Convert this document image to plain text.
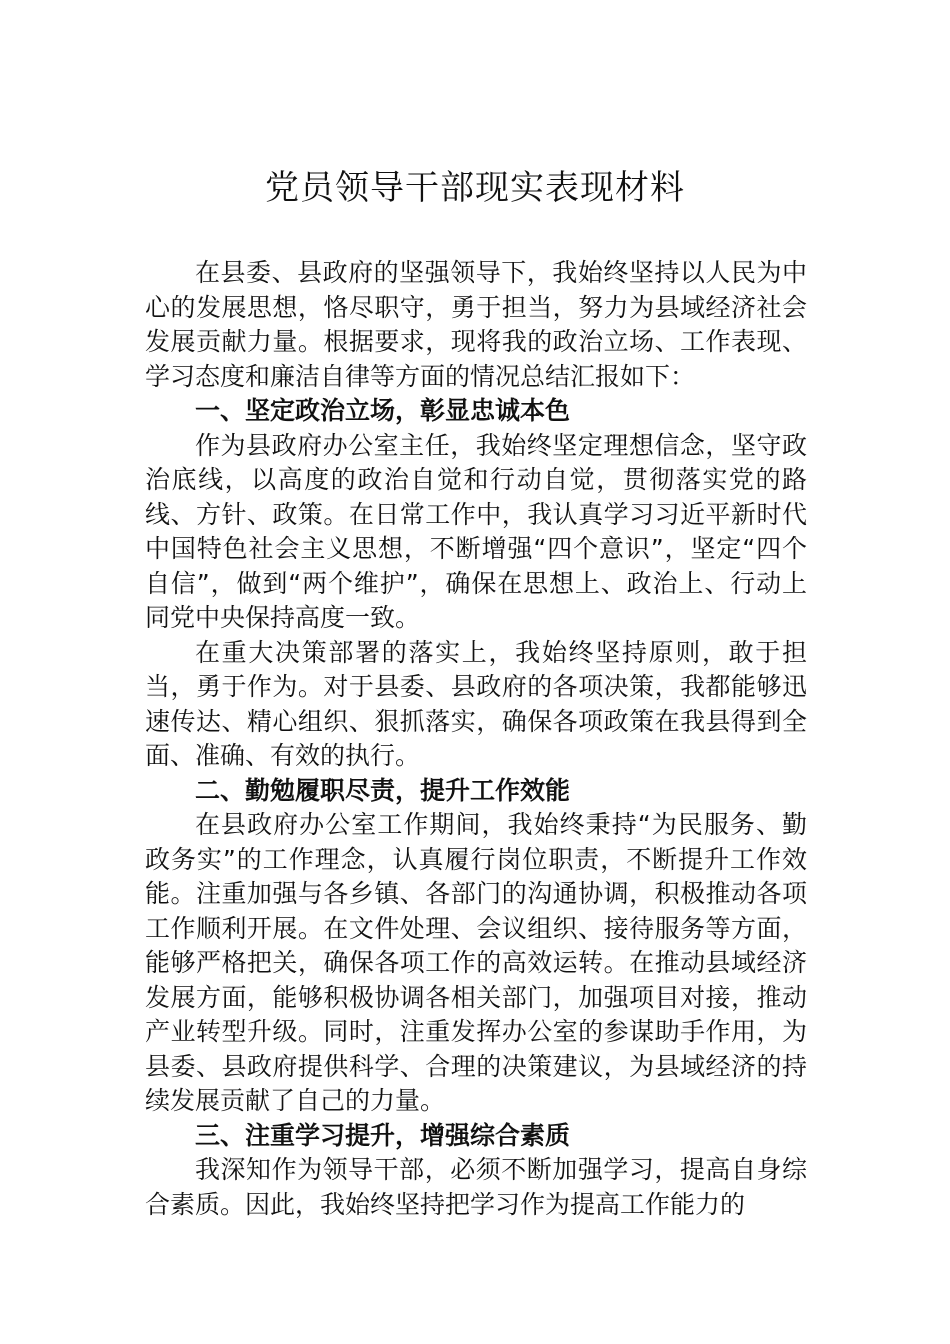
党员领导干部现实表现材料

在县委、县政府的坚强领导下，我始终坚持以人民为中心的发展思想，恪尽职守，勇于担当，努力为县域经济社会发展贡献力量。根据要求，现将我的政治立场、工作表现、学习态度和廉洁自律等方面的情况总结汇报如下：

一、坚定政治立场，彰显忠诚本色

作为县政府办公室主任，我始终坚定理想信念，坚守政治底线，以高度的政治自觉和行动自觉，贯彻落实党的路线、方针、政策。在日常工作中，我认真学习习近平新时代中国特色社会主义思想，不断增强“四个意识”，坚定“四个自信”，做到“两个维护”，确保在思想上、政治上、行动上同党中央保持高度一致。

在重大决策部署的落实上，我始终坚持原则，敢于担当，勇于作为。对于县委、县政府的各项决策，我都能够迅速传达、精心组织、狠抓落实，确保各项政策在我县得到全面、准确、有效的执行。

二、勤勉履职尽责，提升工作效能

在县政府办公室工作期间，我始终秉持“为民服务、勤政务实”的工作理念，认真履行岗位职责，不断提升工作效能。注重加强与各乡镇、各部门的沟通协调，积极推动各项工作顺利开展。在文件处理、会议组织、接待服务等方面，能够严格把关，确保各项工作的高效运转。在推动县域经济发展方面，能够积极协调各相关部门，加强项目对接，推动产业转型升级。同时，注重发挥办公室的参谋助手作用，为县委、县政府提供科学、合理的决策建议，为县域经济的持续发展贡献了自己的力量。

三、注重学习提升，增强综合素质

我深知作为领导干部，必须不断加强学习，提高自身综合素质。因此，我始终坚持把学习作为提高工作能力的
